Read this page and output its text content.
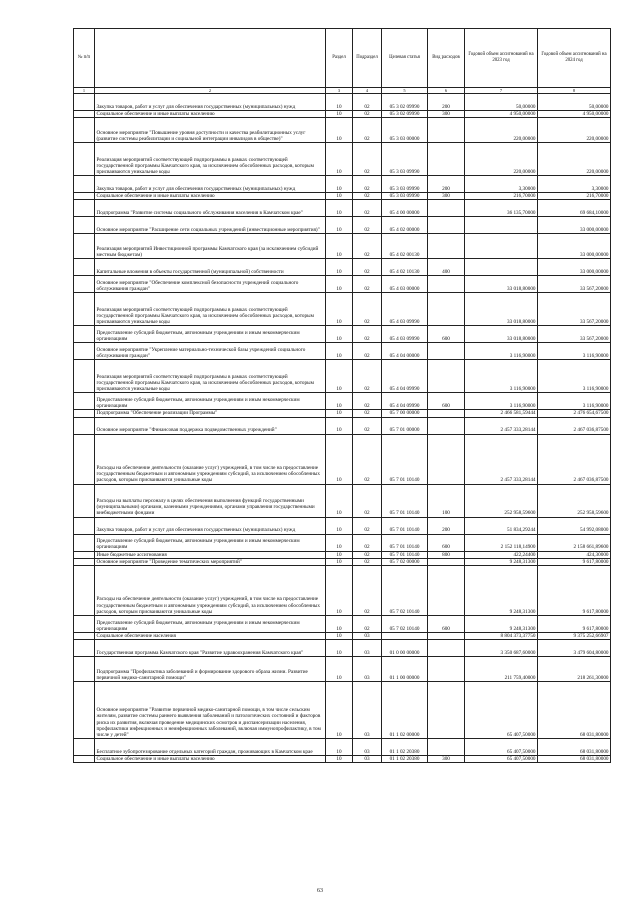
№ п/п		Раздел	Подраздел	Целевая статья	Вид расходов	Годовой объем ассигнований на 2023 год	Годовой объем ассигнований на 2024 год
1	2	3	4	5	6	7	8
	Закупка товаров, работ и услуг для обеспечения государственных (муниципальных) нужд	10	02	05 3 02 09990	200	50,00000	50,00000
	Социальное обеспечение и иные выплаты населению	10	02	05 3 02 09990	300	4 950,00000	4 950,00000
	Основное мероприятие "Повышение уровня доступности и качества реабилитационных услуг (развитие системы реабилитации и социальной интеграции инвалидов в обществе)"	10	02	05 3 03 00000		220,00000	220,00000
	Реализация мероприятий соответствующей подпрограммы в рамках соответствующей государственной программы Камчатского края, за исключением обособленных расходов, которым присваиваются уникальные коды	10	02	05 3 03 09990		220,00000	220,00000
	Закупка товаров, работ и услуг для обеспечения государственных (муниципальных) нужд	10	02	05 3 03 09990	200	3,30000	3,30000
	Социальное обеспечение и иные выплаты населению	10	02	05 3 03 09990	300	216,70000	216,70000
	Подпрограмма "Развитие системы социального обслуживания населения в Камчатском крае"	10	02	05 4 00 00000		36 135,70000	69 684,10000
	Основное мероприятие "Расширение сети социальных учреждений (инвестиционные мероприятия)"	10	02	05 4 02 00000			33 000,00000
	Реализация мероприятий Инвестиционной программы Камчатского края (за исключением субсидий местным бюджетам)	10	02	05 4 02 00130			33 000,00000
	Капитальные вложения в объекты государственной (муниципальной) собственности	10	02	05 4 02 10130	400		33 000,00000
	Основное мероприятие "Обеспечение комплексной безопасности учреждений социального обслуживания граждан"	10	02	05 4 03 00000		33 018,80000	33 567,20000
	Реализация мероприятий соответствующей подпрограммы в рамках соответствующей государственной программы Камчатского края, за исключением обособленных расходов, которым присваиваются уникальные коды	10	02	05 4 03 09990		33 018,80000	33 567,20000
	Предоставление субсидий бюджетным, автономным учреждениям и иным некоммерческим организациям	10	02	05 4 03 09990	600	33 018,80000	33 567,20000
	Основное мероприятие "Укрепление материально-технической базы учреждений социального обслуживания граждан"	10	02	05 4 04 00000		3 116,90000	3 116,90000
	Реализация мероприятий соответствующей подпрограммы в рамках соответствующей государственной программы Камчатского края, за исключением обособленных расходов, которым присваиваются уникальные коды	10	02	05 4 04 09990		3 116,90000	3 116,90000
	Предоставление субсидий бюджетным, автономным учреждениям и иным некоммерческим организациям	10	02	05 4 04 09990	600	3 116,90000	3 116,90000
	Подпрограмма "Обеспечение реализации Программы"	10	02	05 7 00 00000		2 466 581,59444	2 476 654,67500
	Основное мероприятие "Финансовая поддержка подведомственных учреждений"	10	02	05 7 01 00000		2 457 333,28144	2 467 036,87500
	Расходы на обеспечение деятельности (оказание услуг) учреждений, в том числе на предоставление государственным бюджетным и автономным учреждениям субсидий, за исключением обособленных расходов, которым присваиваются уникальные коды	10	02	05 7 01 10140		2 457 333,28144	2 467 036,87500
	Расходы на выплаты персоналу в целях обеспечения выполнения функций государственными (муниципальными) органами, казенными учреждениями, органами управления государственными внебюджетными фондами	10	02	05 7 01 10140	100	252 958,59600	252 958,59600
	Закупка товаров, работ и услуг для обеспечения государственных (муниципальных) нужд	10	02	05 7 01 10140	200	51 834,29244	54 992,08000
	Предоставление субсидий бюджетным, автономным учреждениям и иным некоммерческим организациям	10	02	05 7 01 10140	600	2 152 118,14900	2 158 661,89600
	Иные бюджетные ассигнования	10	02	05 7 01 10140	800	422,24400	424,30000
	Основное мероприятие "Проведение тематических мероприятий"	10	02	05 7 02 00000		9 248,31300	9 617,80000
	Расходы на обеспечение деятельности (оказание услуг) учреждений, в том числе на предоставление государственным бюджетным и автономным учреждениям субсидий, за исключением обособленных расходов, которым присваиваются уникальные коды	10	02	05 7 02 10140		9 248,31300	9 617,80000
	Предоставление субсидий бюджетным, автономным учреждениям и иным некоммерческим организациям	10	02	05 7 02 10140	600	9 248,31300	9 617,80000
	Социальное обеспечение населения	10	03			8 804 373,37750	9 375 252,66907
	Государственная программа Камчатского края "Развитие здравоохранения Камчатского края"	10	03	01 0 00 00000		3 350 687,60000	3 479 604,80000
	Подпрограмма "Профилактика заболеваний и формирование здорового образа жизни. Развитие первичной медико-санитарной помощи"	10	03	01 1 00 00000		211 759,40000	218 261,30000
	Основное мероприятие "Развитие первичной медико-санитарной помощи, в том числе сельским жителям, развитие системы раннего выявления заболеваний и патологических состояний и факторов риска их развития, включая проведение медицинских осмотров и диспансеризации населения, профилактики инфекционных и неинфекционных заболеваний, включая иммунопрофилактику, в том числе у детей"	10	03	01 1 02 00000		65 407,50000	68 031,80000
	Бесплатное зубопротезирование отдельных категорий граждан, проживающих в Камчатском крае	10	03	01 1 02 20380		65 407,50000	68 031,80000
	Социальное обеспечение и иные выплаты населению	10	03	01 1 02 20380	300	65 407,50000	68 031,80000
63
